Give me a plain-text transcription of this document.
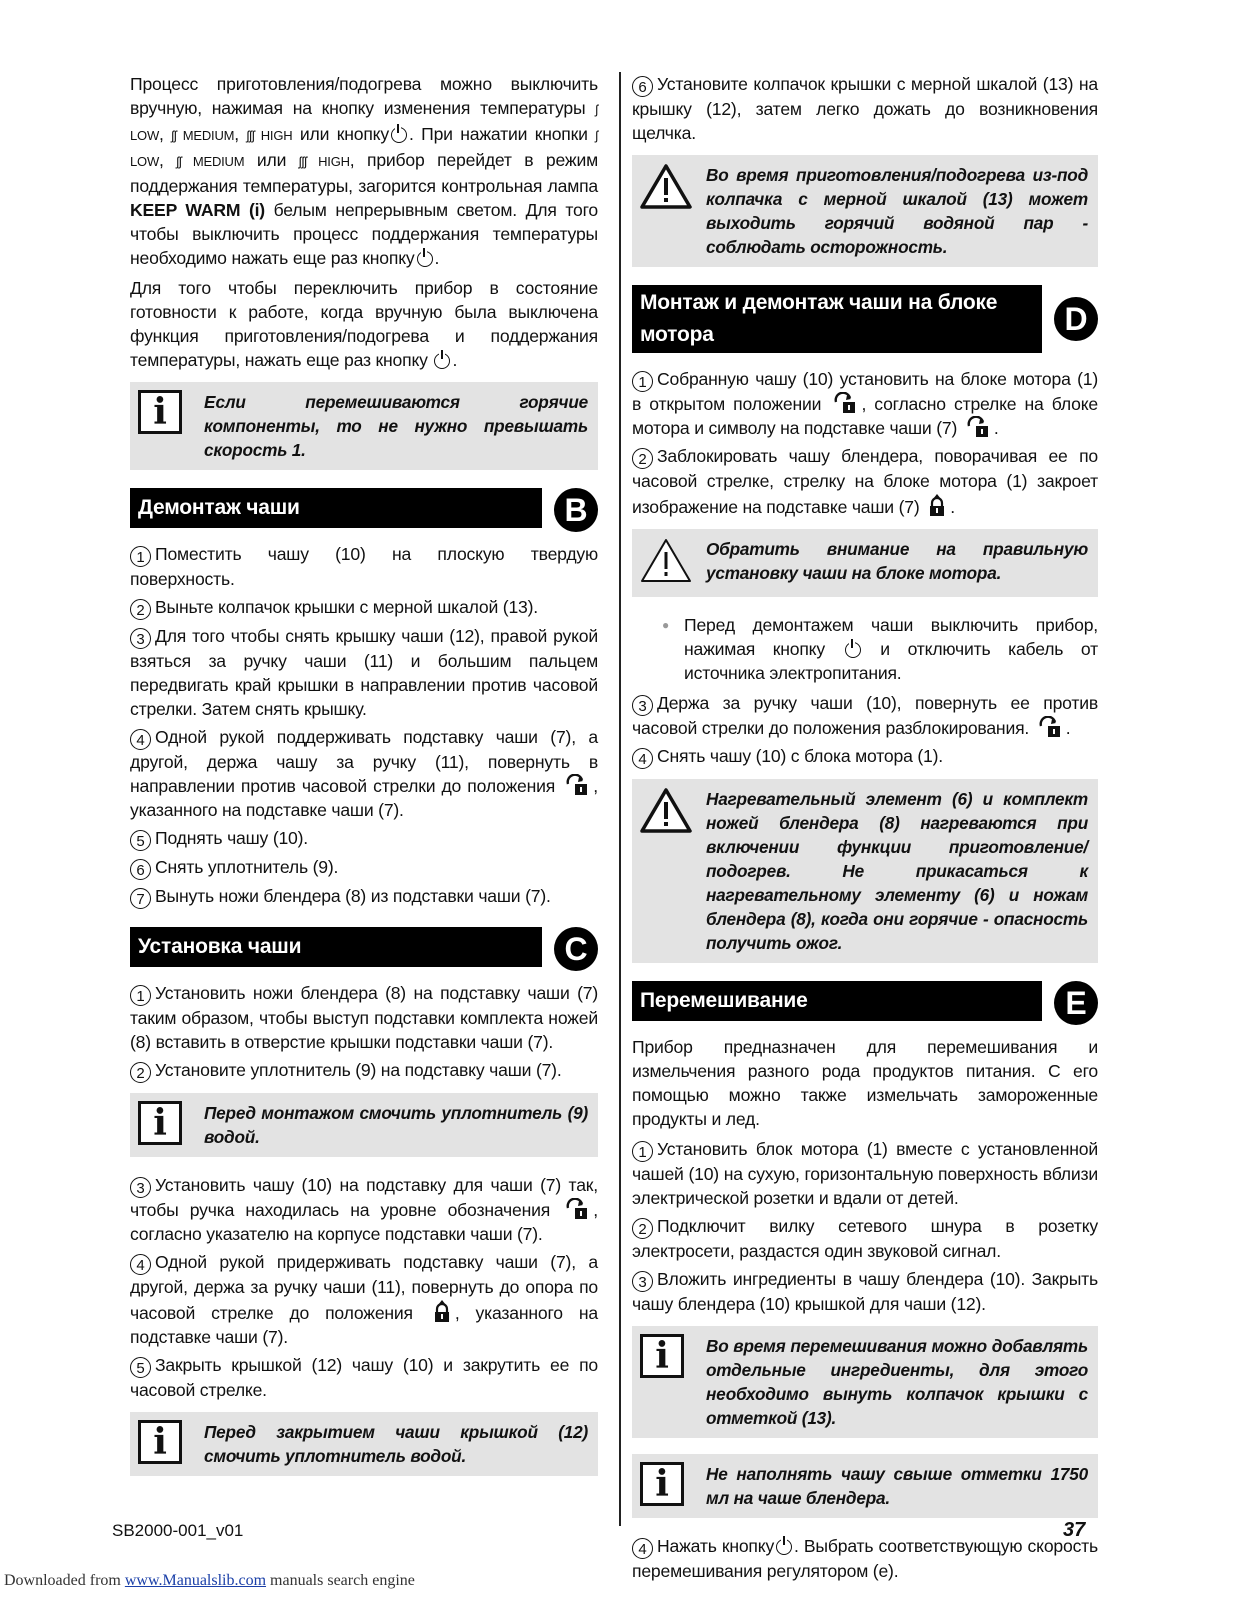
Процесс приготовления/подогрева можно выключить вручную, нажимая на кнопку изменения температуры ʃ LOW, ʃʃ MEDIUM, ʃʃʃ HIGH или кнопку . При нажатии кнопки ʃ LOW, ʃʃ MEDIUM или ʃʃʃ HIGH, прибор перейдет в режим поддержания температуры, загорится контрольная лампа KEEP WARM (i) белым непрерывным светом. Для того чтобы выключить процесс поддержания температуры необходимо нажать еще раз кнопку .

Для того чтобы переключить прибор в состояние готовности к работе, когда вручную была выключена функция приготовления/подогрева и поддержания температуры, нажать еще раз кнопку .

i	Если перемешиваются горячие компоненты, то не нужно превышать скорость 1.
Демонтаж чаши	B

1 Поместить чашу (10) на плоскую твердую поверхность.

2 Выньте колпачок крышки с мерной шкалой (13).

3 Для того чтобы снять крышку чаши (12), правой рукой взяться за ручку чаши (11) и большим пальцем передвигать край крышки в направлении против часовой стрелки. Затем снять крышку.

4 Одной рукой поддерживать подставку чаши (7), а другой, держа чашу за ручку (11), повернуть в направлении против часовой стрелки до положения , указанного на подставке чаши (7).

5 Поднять чашу (10).

6 Снять уплотнитель (9).

7 Вынуть ножи блендера (8) из подставки чаши (7).

Установка чаши	C

1 Установить ножи блендера (8) на подставку чаши (7) таким образом, чтобы выступ подставки комплекта ножей (8) вставить в отверстие крышки подставки чаши (7).

2 Установите уплотнитель (9) на подставку чаши (7).

i	Перед монтажом смочить уплотнитель (9) водой.

3 Установить чашу (10) на подставку для чаши (7) так, чтобы ручка находилась на уровне обозначения , согласно указателю на корпусе подставки чаши (7).

4 Одной рукой придерживать подставку чаши (7), а другой, держа за ручку чаши (11), повернуть до опора по часовой стрелке до положения , указанного на подставке чаши (7).

5 Закрыть крышкой (12) чашу (10) и закрутить ее по часовой стрелке.

i	Перед закрытием чаши крышкой (12) смочить уплотнитель водой.

6 Установите колпачок крышки с мерной шкалой (13) на крышку (12), затем легко дожать до возникновения щелчка.

Во время приготовления/подогрева из-под колпачка с мерной шкалой (13) может выходить горячий водяной пар - соблюдать осторожность.
Монтаж и демонтаж чаши на блоке мотора	D

1 Собранную чашу (10) установить на блоке мотора (1) в открытом положении , согласно стрелке на блоке мотора и символу на подставке чаши (7) .

2 Заблокировать чашу блендера, поворачивая ее по часовой стрелке, стрелку на блоке мотора (1) закроет изображение на подставке чаши (7) .

Обратить внимание на правильную установку чаши на блоке мотора.

● Перед демонтажем чаши выключить прибор, нажимая кнопку	и отключить кабель от источника электропитания.

3 Держа за ручку чаши (10), повернуть ее против часовой стрелки до положения разблокирования. .

4 Снять чашу (10) с блока мотора (1).

Нагревательный элемент (6) и комплект ножей блендера (8) нагреваются при включении функции приготовление/подогрев. Не прикасаться к нагревательному элементу (6) и ножам блендера (8), когда они горячие - опасность получить ожог.
Перемешивание	E

Прибор предназначен для перемешивания и измельчения разного рода продуктов питания. С его помощью можно также измельчать замороженные продукты и лед.

1 Установить блок мотора (1) вместе с установленной чашей (10) на сухую, горизонтальную поверхность вблизи электрической розетки и вдали от детей.

2 Подключит вилку сетевого шнура в розетку электросети, раздастся один звуковой сигнал.

3 Вложить ингредиенты в чашу блендера (10). Закрыть чашу блендера (10) крышкой для чаши (12).

i	Во время перемешивания можно добавлять отдельные ингредиенты, для этого необходимо вынуть колпачок крышки с отметкой (13).
i	Не наполнять чашу свыше отметки 1750 мл на чаше блендера.

4 Нажать кнопку . Выбрать соответствующую скорость перемешивания регулятором (e).

SB2000-001_v01	37
Downloaded from www.Manualslib.com manuals search engine
